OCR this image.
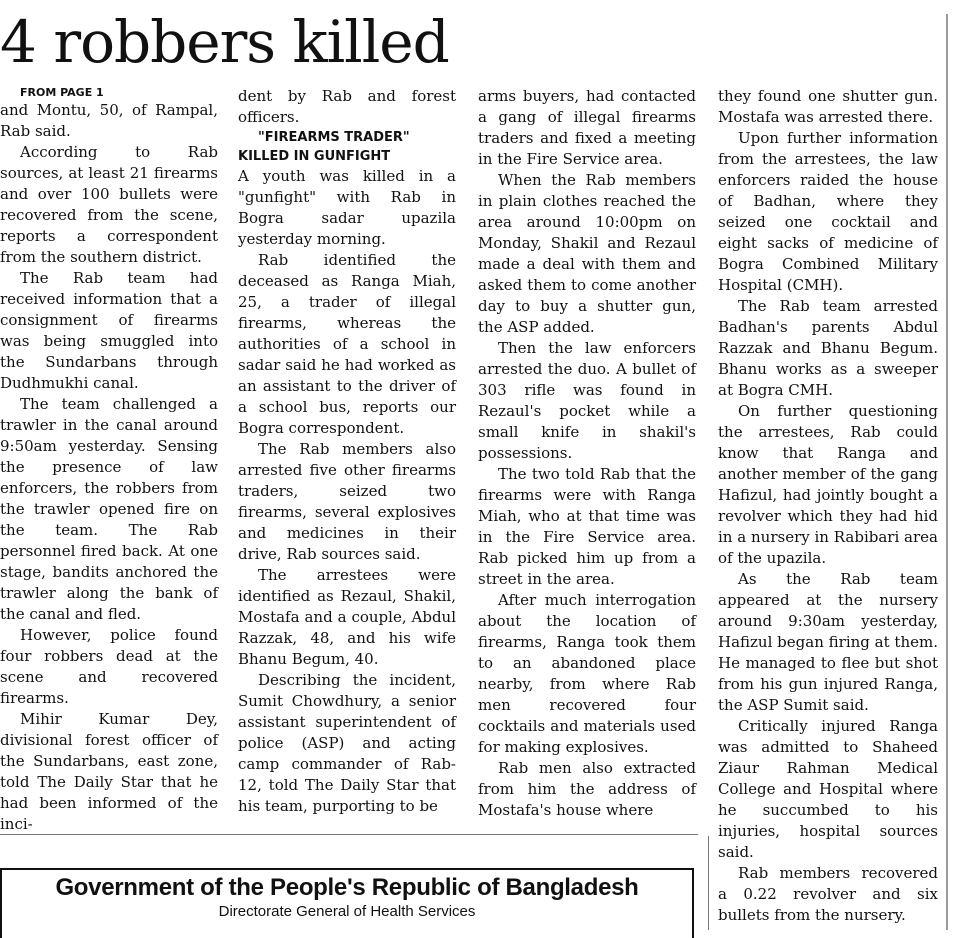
4 robbers killed

FROM PAGE 1

and Montu, 50, of Rampal, Rab said.

According to Rab sources, at least 21 firearms and over 100 bullets were recovered from the scene, reports a correspondent from the southern district.

The Rab team had received information that a consignment of firearms was being smuggled into the Sundarbans through Dudhmukhi canal.

The team challenged a trawler in the canal around 9:50am yesterday. Sensing the presence of law enforcers, the robbers from the trawler opened fire on the team. The Rab personnel fired back. At one stage, bandits anchored the trawler along the bank of the canal and fled.

However, police found four robbers dead at the scene and recovered firearms.

Mihir Kumar Dey, divisional forest officer of the Sundarbans, east zone, told The Daily Star that he had been informed of the inci-

dent by Rab and forest officers.

"FIREARMS TRADER" KILLED IN GUNFIGHT

A youth was killed in a "gunfight" with Rab in Bogra sadar upazila yesterday morning.

Rab identified the deceased as Ranga Miah, 25, a trader of illegal firearms, whereas the authorities of a school in sadar said he had worked as an assistant to the driver of a school bus, reports our Bogra correspondent.

The Rab members also arrested five other firearms traders, seized two firearms, several explosives and medicines in their drive, Rab sources said.

The arrestees were identified as Rezaul, Shakil, Mostafa and a couple, Abdul Razzak, 48, and his wife Bhanu Begum, 40.

Describing the incident, Sumit Chowdhury, a senior assistant superintendent of police (ASP) and acting camp commander of Rab-12, told The Daily Star that his team, purporting to be

arms buyers, had contacted a gang of illegal firearms traders and fixed a meeting in the Fire Service area.

When the Rab members in plain clothes reached the area around 10:00pm on Monday, Shakil and Rezaul made a deal with them and asked them to come another day to buy a shutter gun, the ASP added.

Then the law enforcers arrested the duo. A bullet of 303 rifle was found in Rezaul's pocket while a small knife in shakil's possessions.

The two told Rab that the firearms were with Ranga Miah, who at that time was in the Fire Service area. Rab picked him up from a street in the area.

After much interrogation about the location of firearms, Ranga took them to an abandoned place nearby, from where Rab men recovered four cocktails and materials used for making explosives.

Rab men also extracted from him the address of Mostafa's house where

they found one shutter gun. Mostafa was arrested there.

Upon further information from the arrestees, the law enforcers raided the house of Badhan, where they seized one cocktail and eight sacks of medicine of Bogra Combined Military Hospital (CMH).

The Rab team arrested Badhan's parents Abdul Razzak and Bhanu Begum. Bhanu works as a sweeper at Bogra CMH.

On further questioning the arrestees, Rab could know that Ranga and another member of the gang Hafizul, had jointly bought a revolver which they had hid in a nursery in Rabibari area of the upazila.

As the Rab team appeared at the nursery around 9:30am yesterday, Hafizul began firing at them. He managed to flee but shot from his gun injured Ranga, the ASP Sumit said.

Critically injured Ranga was admitted to Shaheed Ziaur Rahman Medical College and Hospital where he succumbed to his injuries, hospital sources said.

Rab members recovered a 0.22 revolver and six bullets from the nursery.

Government of the People's Republic of Bangladesh
Directorate General of Health Services
